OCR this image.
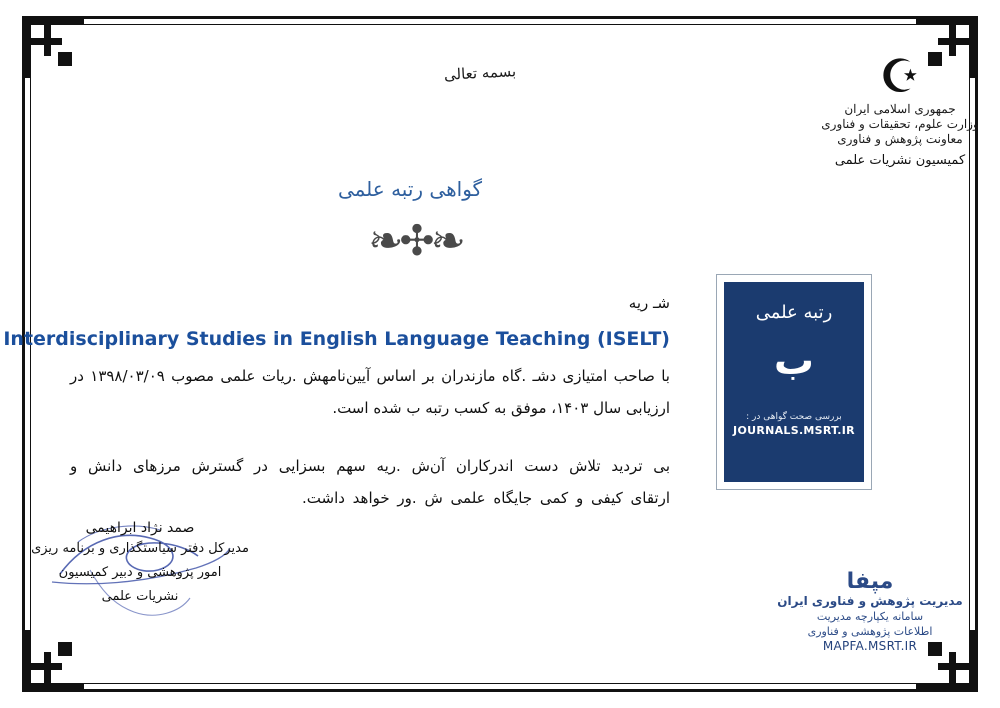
بسمه تعالی	☪
جمهوری اسلامی ایران
وزارت علوم، تحقیقات و فناوری
معاونت پژوهش و فناوری
کمیسیون نشریات علمی
گواهی رتبه علمی
❧✣❧
شـ ریه
Interdisciplinary Studies in English Language Teaching (ISELT)
با صاحب امتیازی دشـ .گاه مازندران بر اساس آیین‌نامهش .ریات علمی مصوب ۱۳۹۸/۰۳/۰۹ در ارزیابی سال ۱۴۰۳، موفق به کسب رتبه ب شده است.
بی تردید تلاش دست اندرکاران آن‌ش .ریه سهم بسزایی در گسترش مرزهای دانش و ارتقای کیفی و کمی جایگاه علمی ش .ور خواهد داشت.
رتبه علمی
ب
بررسی صحت گواهی در :
JOURNALS.MSRT.IR
صمد نژاد ابراهیمی
مدیرکل دفتر سیاستگذاری و برنامه ریزی
امور پژوهشی و دبیر کمیسیون
نشریات علمی
مپفا
مدیریت پژوهش و فناوری ایران
سامانه یکپارچه مدیریت
اطلاعات پژوهشی و فناوری
MAPFA.MSRT.IR
